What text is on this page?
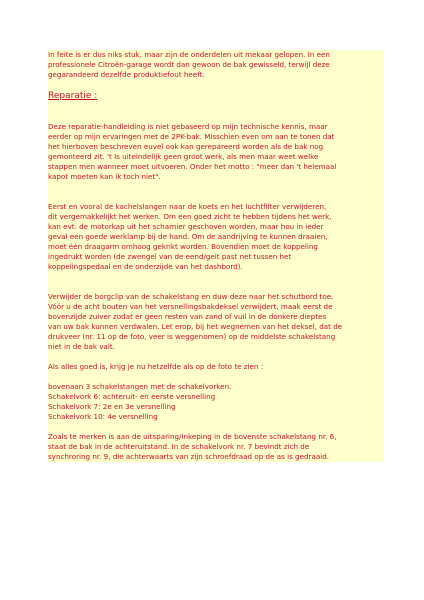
In feite is er dus niks stuk, maar zijn de onderdelen uit mekaar gelopen. In een
professionele Citroën-garage wordt dan gewoon de bak gewisseld, terwijl deze
gegarandeerd dezelfde produktiefout heeft.
Reparatie :
Deze reparatie-handleiding is niet gebaseerd op mijn technische kennis, maar
eerder op mijn ervaringen met de 2PK-bak. Misschien even om aan te tonen dat
het hierboven beschreven euvel ook kan gerepareerd worden als de bak nog
gemonteerd zit. 't Is uiteindelijk geen groot werk, als men maar weet welke
stappen men wanneer moet uitvoeren. Onder het motto : "meer dan 't helemaal
kapot moeten kan ik toch niet".
Eerst en vooral de kachelslangen naar de koets en het luchtfilter verwijderen,
dit vergemakkelijkt het werken. Om een goed zicht te hebben tijdens het werk,
kan evt. de motorkap uit het scharnier geschoven worden, maar hou in ieder
geval een goede werklamp bij de hand. Om de aandrijving te kunnen draaien,
moet één draagarm omhoog gekrikt worden. Bovendien moet de koppeling
ingedrukt worden (de zwengel van de eend/geit past net tussen het
koppelingspedaal en de onderzijde van het dashbord).
Verwijder de borgclip van de schakelstang en duw deze naar het schutbord toe.
Vóór u de acht bouten van het versnellingsbakdeksel verwijdert, maak eerst de
bovenzijde zuiver zodat er geen resten van zand of vuil in de donkere dieptes
van uw bak kunnen verdwalen. Let erop, bij het wegnemen van het deksel, dat de
drukveer (nr. 11 op de foto, veer is weggenomen) op de middelste schakelstang
niet in de bak valt.
Als alles goed is, krijg je nu hetzelfde als op de foto te zien :
bovenaan 3 schakelstangen met de schakelvorken.
Schakelvork 6: achteruit- en eerste versnelling
Schakelvork 7: 2e en 3e versnelling
Schakelvork 10: 4e versnelling
Zoals te merken is aan de uitsparing/inkeping in de bovenste schakelstang nr. 6,
staat de bak in de achteruitstand. In de schakelvork nr. 7 bevindt zich de
synchroring nr. 9, die achterwaarts van zijn schroefdraad op de as is gedraaid.
